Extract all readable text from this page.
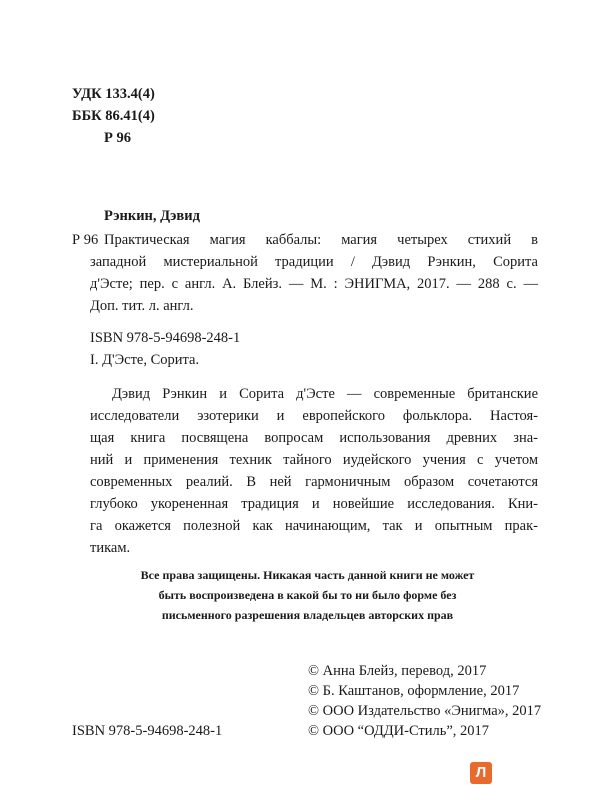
УДК 133.4(4)
ББК 86.41(4)
Р 96
Рэнкин, Дэвид
Р 96 Практическая магия каббалы: магия четырех стихий в
западной мистериальной традиции / Дэвид Рэнкин, Сорита
д'Эсте; пер. с англ. А. Блейз. — М. : ЭНИГМА, 2017. — 288 с. —
Доп. тит. л. англ.
ISBN 978-5-94698-248-1
I. Д'Эсте, Сорита.
Дэвид Рэнкин и Сорита д'Эсте — современные британские
исследователи эзотерики и европейского фольклора. Настоя-
щая книга посвящена вопросам использования древних зна-
ний и применения техник тайного иудейского учения с учетом
современных реалий. В ней гармоничным образом сочетаются
глубоко укорененная традиция и новейшие исследования. Кни-
га окажется полезной как начинающим, так и опытным прак-
тикам.
Все права защищены. Никакая часть данной книги не может
быть воспроизведена в какой бы то ни было форме без
письменного разрешения владельцев авторских прав
© Анна Блейз, перевод, 2017
© Б. Каштанов, оформление, 2017
© ООО Издательство «Энигма», 2017
© ООО “ОДДИ-Стиль”, 2017
ISBN 978-5-94698-248-1
Л
